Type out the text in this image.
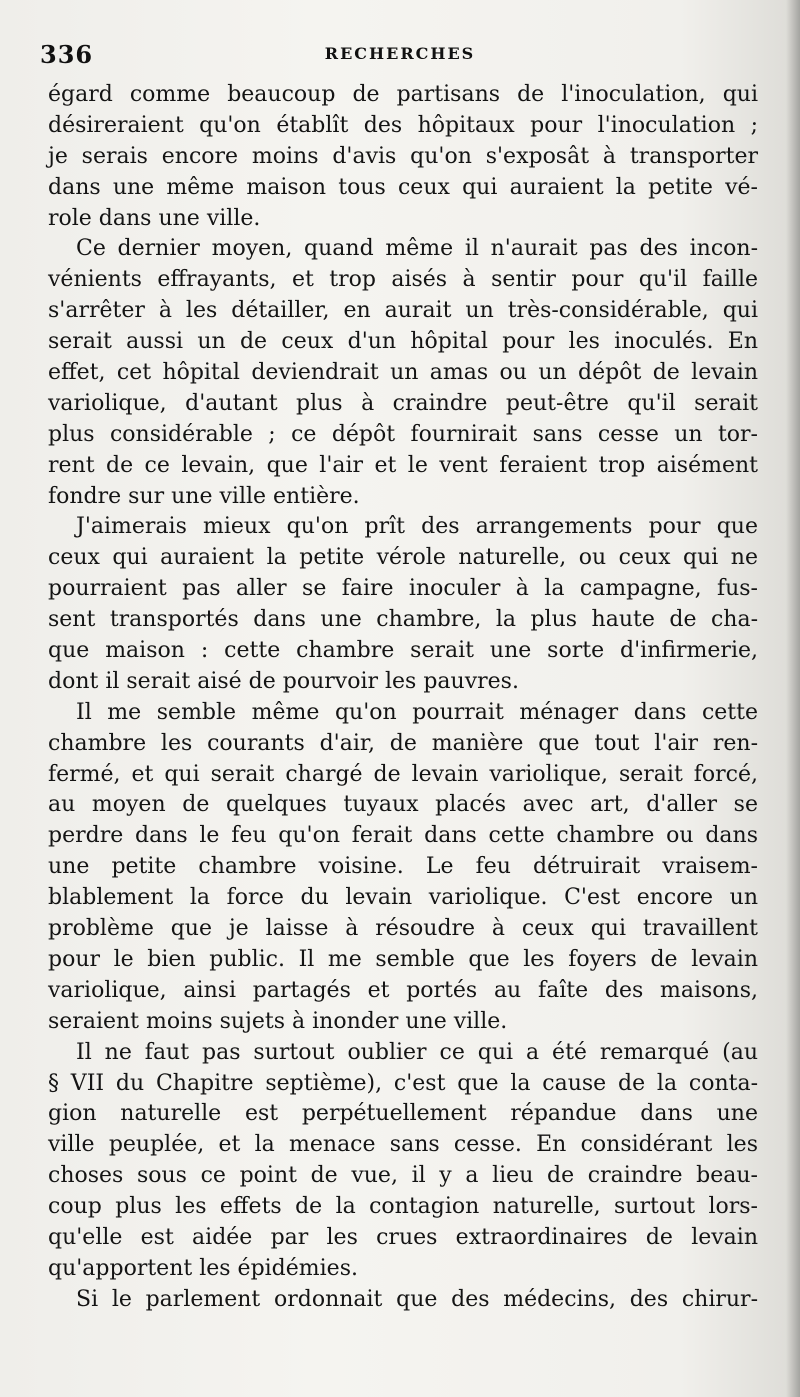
336	RECHERCHES
égard comme beaucoup de partisans de l'inoculation, qui
désireraient qu'on établît des hôpitaux pour l'inoculation ;
je serais encore moins d'avis qu'on s'exposât à transporter
dans une même maison tous ceux qui auraient la petite vé-
role dans une ville.
Ce dernier moyen, quand même il n'aurait pas des incon-
vénients effrayants, et trop aisés à sentir pour qu'il faille
s'arrêter à les détailler, en aurait un très-considérable, qui
serait aussi un de ceux d'un hôpital pour les inoculés. En
effet, cet hôpital deviendrait un amas ou un dépôt de levain
variolique, d'autant plus à craindre peut-être qu'il serait
plus considérable ; ce dépôt fournirait sans cesse un tor-
rent de ce levain, que l'air et le vent feraient trop aisément
fondre sur une ville entière.
J'aimerais mieux qu'on prît des arrangements pour que
ceux qui auraient la petite vérole naturelle, ou ceux qui ne
pourraient pas aller se faire inoculer à la campagne, fus-
sent transportés dans une chambre, la plus haute de cha-
que maison : cette chambre serait une sorte d'infirmerie,
dont il serait aisé de pourvoir les pauvres.
Il me semble même qu'on pourrait ménager dans cette
chambre les courants d'air, de manière que tout l'air ren-
fermé, et qui serait chargé de levain variolique, serait forcé,
au moyen de quelques tuyaux placés avec art, d'aller se
perdre dans le feu qu'on ferait dans cette chambre ou dans
une petite chambre voisine. Le feu détruirait vraisem-
blablement la force du levain variolique. C'est encore un
problème que je laisse à résoudre à ceux qui travaillent
pour le bien public. Il me semble que les foyers de levain
variolique, ainsi partagés et portés au faîte des maisons,
seraient moins sujets à inonder une ville.
Il ne faut pas surtout oublier ce qui a été remarqué (au
§ VII du Chapitre septième), c'est que la cause de la conta-
gion naturelle est perpétuellement répandue dans une
ville peuplée, et la menace sans cesse. En considérant les
choses sous ce point de vue, il y a lieu de craindre beau-
coup plus les effets de la contagion naturelle, surtout lors-
qu'elle est aidée par les crues extraordinaires de levain
qu'apportent les épidémies.
Si le parlement ordonnait que des médecins, des chirur-
